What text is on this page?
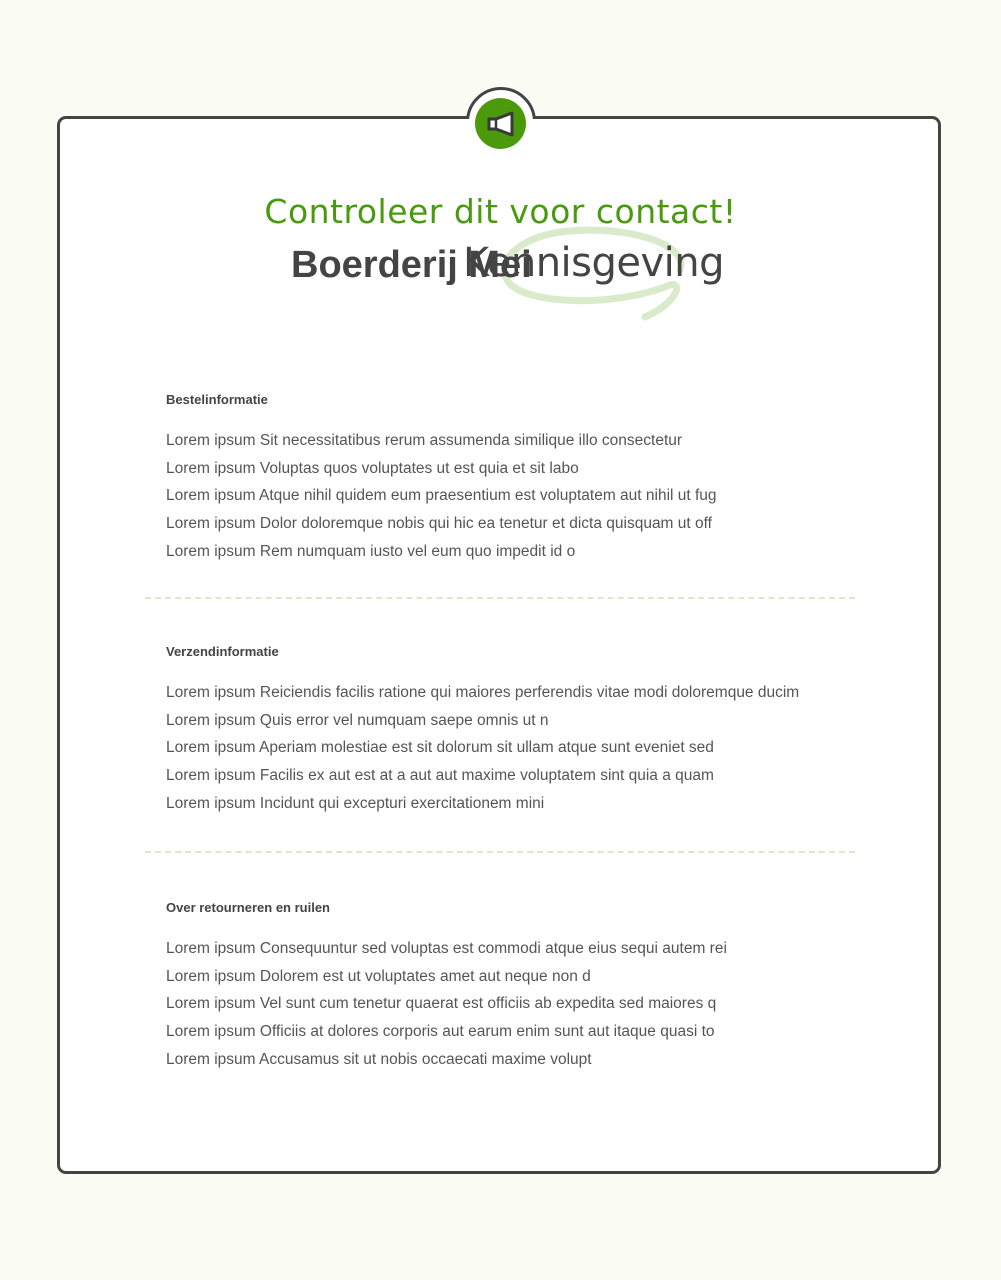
Controleer dit voor contact!
Boerderij Mei
Kennisgeving
Bestelinformatie
Lorem ipsum Sit necessitatibus rerum assumenda similique illo consectetur
Lorem ipsum Voluptas quos voluptates ut est quia et sit labo
Lorem ipsum Atque nihil quidem eum praesentium est voluptatem aut nihil ut fug
Lorem ipsum Dolor doloremque nobis qui hic ea tenetur et dicta quisquam ut off
Lorem ipsum Rem numquam iusto vel eum quo impedit id o
Verzendinformatie
Lorem ipsum Reiciendis facilis ratione qui maiores perferendis vitae modi doloremque ducim
Lorem ipsum Quis error vel numquam saepe omnis ut n
Lorem ipsum Aperiam molestiae est sit dolorum sit ullam atque sunt eveniet sed
Lorem ipsum Facilis ex aut est at a aut aut maxime voluptatem sint quia a quam
Lorem ipsum Incidunt qui excepturi exercitationem mini
Over retourneren en ruilen
Lorem ipsum Consequuntur sed voluptas est commodi atque eius sequi autem rei
Lorem ipsum Dolorem est ut voluptates amet aut neque non d
Lorem ipsum Vel sunt cum tenetur quaerat est officiis ab expedita sed maiores q
Lorem ipsum Officiis at dolores corporis aut earum enim sunt aut itaque quasi to
Lorem ipsum Accusamus sit ut nobis occaecati maxime volupt
